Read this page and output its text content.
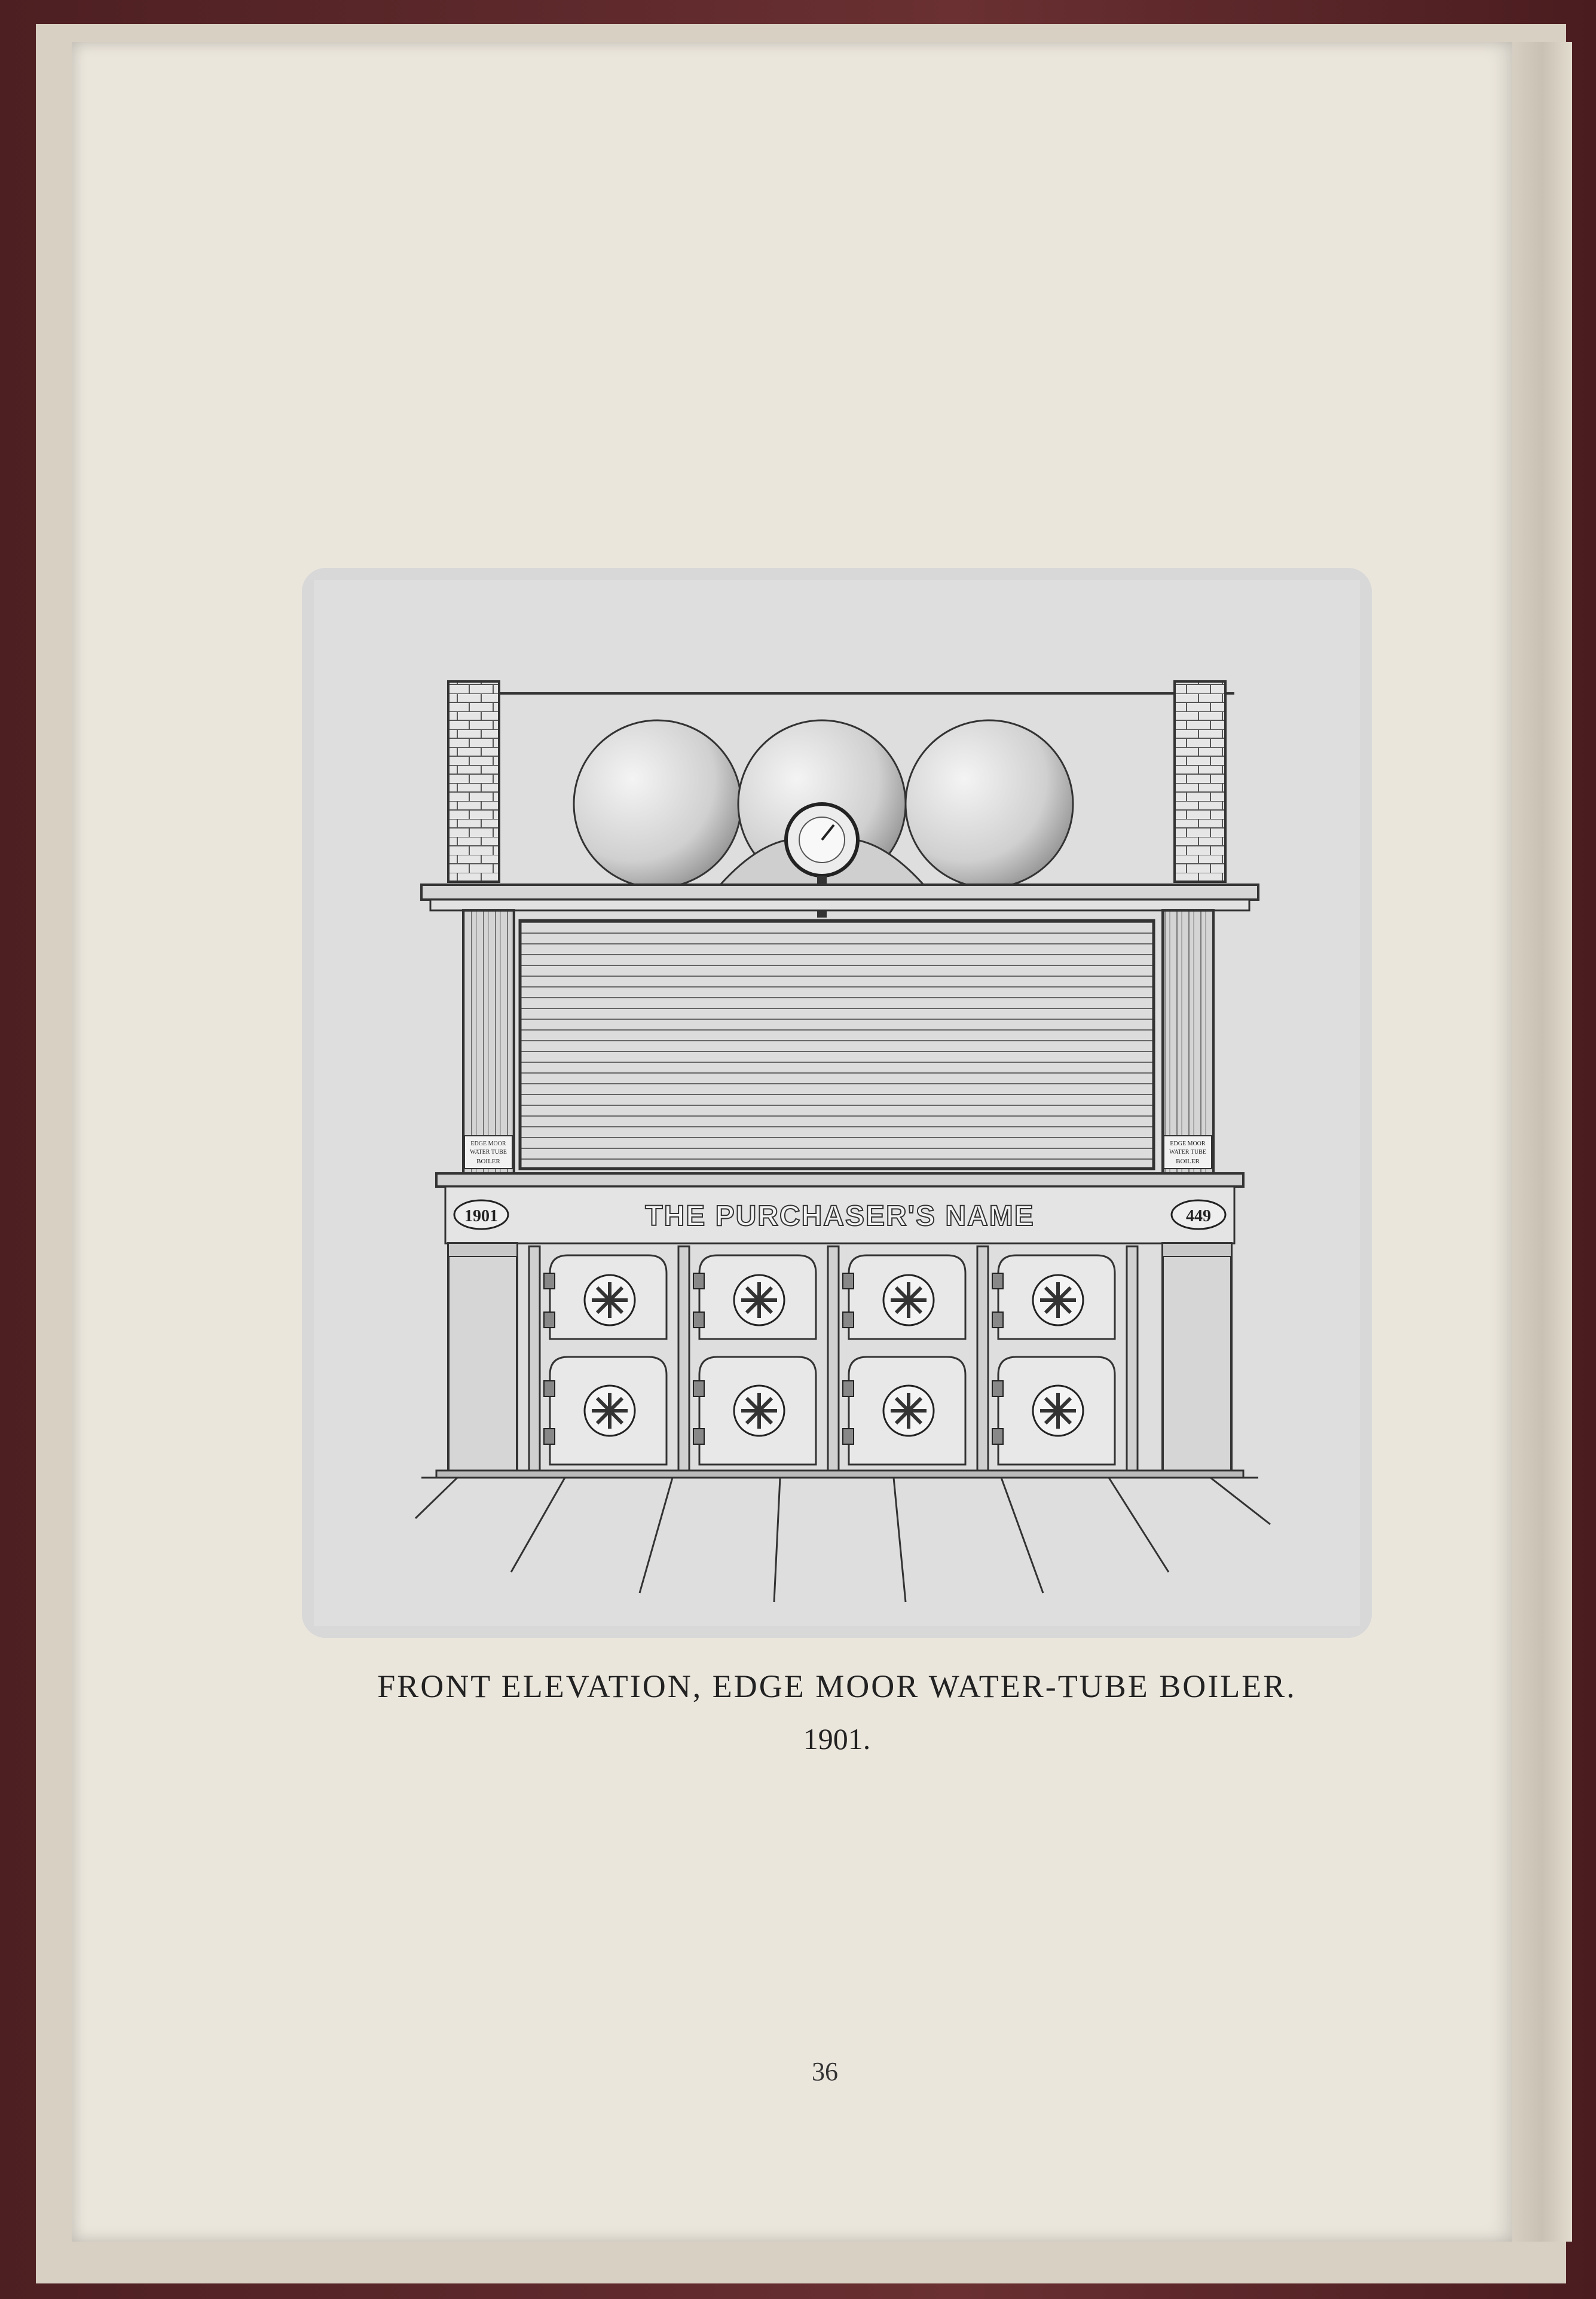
EDGE MOOR
WATER TUBE
BOILER
EDGE MOOR
WATER TUBE
BOILER
THE PURCHASER'S NAME
1901	449
FRONT ELEVATION, EDGE MOOR WATER-TUBE BOILER.
1901.
36
